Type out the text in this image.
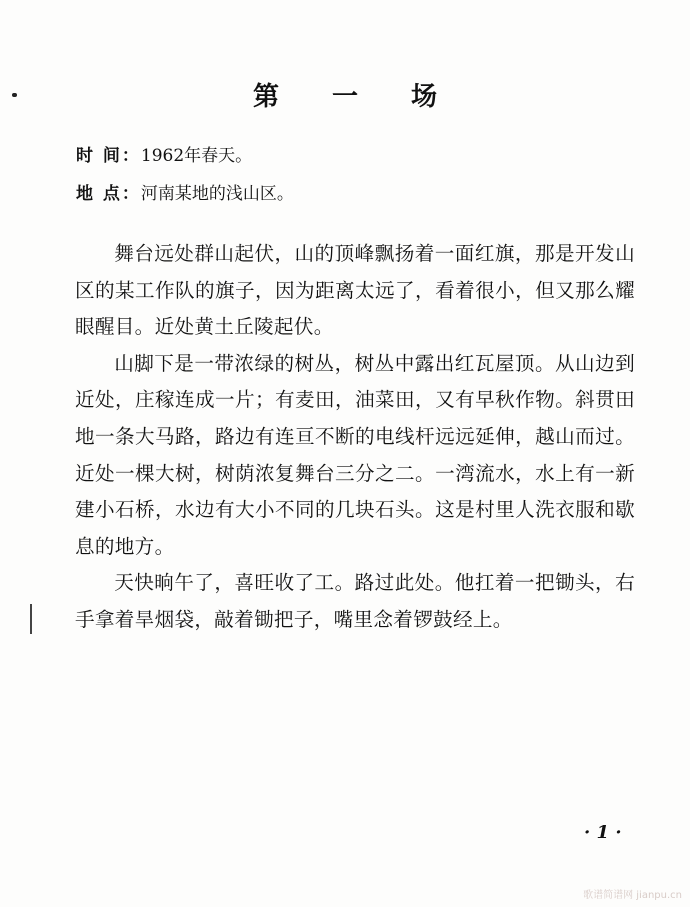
第 一 场
时 间：1962年春天。
地 点：河南某地的浅山区。

舞台远处群山起伏，山的顶峰飘扬着一面红旗，那是开发山区的某工作队的旗子，因为距离太远了，看着很小，但又那么耀眼醒目。近处黄土丘陵起伏。

山脚下是一带浓绿的树丛，树丛中露出红瓦屋顶。从山边到近处，庄稼连成一片；有麦田，油菜田，又有早秋作物。斜贯田地一条大马路，路边有连亘不断的电线杆远远延伸，越山而过。近处一棵大树，树荫浓复舞台三分之二。一湾流水，水上有一新建小石桥，水边有大小不同的几块石头。这是村里人洗衣服和歇息的地方。

天快晌午了，喜旺收了工。路过此处。他扛着一把锄头，右手拿着旱烟袋，敲着锄把子，嘴里念着锣鼓经上。

· 1 ·
歌谱简谱网 jianpu.cn
